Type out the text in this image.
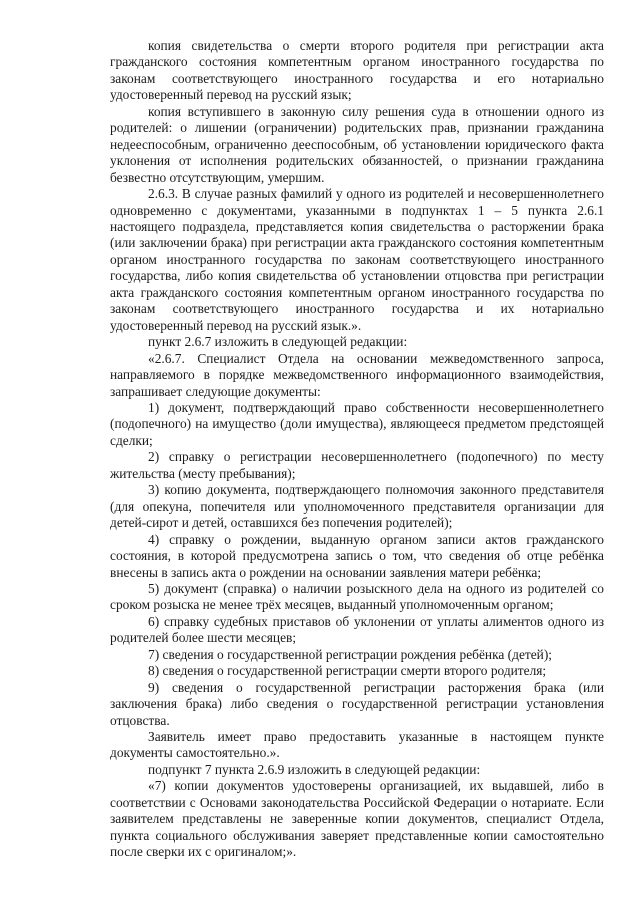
копия свидетельства о смерти второго родителя при регистрации акта гражданского состояния компетентным органом иностранного государства по законам соответствующего иностранного государства и его нотариально удостоверенный перевод на русский язык;

копия вступившего в законную силу решения суда в отношении одного из родителей: о лишении (ограничении) родительских прав, признании гражданина недееспособным, ограниченно дееспособным, об установлении юридического факта уклонения от исполнения родительских обязанностей, о признании гражданина безвестно отсутствующим, умершим.

2.6.3. В случае разных фамилий у одного из родителей и несовершеннолетнего одновременно с документами, указанными в подпунктах 1 – 5 пункта 2.6.1 настоящего подраздела, представляется копия свидетельства о расторжении брака (или заключении брака) при регистрации акта гражданского состояния компетентным органом иностранного государства по законам соответствующего иностранного государства, либо копия свидетельства об установлении отцовства при регистрации акта гражданского состояния компетентным органом иностранного государства по законам соответствующего иностранного государства и их нотариально удостоверенный перевод на русский язык.».

пункт 2.6.7 изложить в следующей редакции:

«2.6.7. Специалист Отдела на основании межведомственного запроса, направляемого в порядке межведомственного информационного взаимодействия, запрашивает следующие документы:

1) документ, подтверждающий право собственности несовершеннолетнего (подопечного) на имущество (доли имущества), являющееся предметом предстоящей сделки;

2) справку о регистрации несовершеннолетнего (подопечного) по месту жительства (месту пребывания);

3) копию документа, подтверждающего полномочия законного представителя (для опекуна, попечителя или уполномоченного представителя организации для детей-сирот и детей, оставшихся без попечения родителей);

4) справку о рождении, выданную органом записи актов гражданского состояния, в которой предусмотрена запись о том, что сведения об отце ребёнка внесены в запись акта о рождении на основании заявления матери ребёнка;

5) документ (справка) о наличии розыскного дела на одного из родителей со сроком розыска не менее трёх месяцев, выданный уполномоченным органом;

6) справку судебных приставов об уклонении от уплаты алиментов одного из родителей более шести месяцев;

7) сведения о государственной регистрации рождения ребёнка (детей);

8) сведения о государственной регистрации смерти второго родителя;

9) сведения о государственной регистрации расторжения брака (или заключения брака) либо сведения о государственной регистрации установления отцовства.

Заявитель имеет право предоставить указанные в настоящем пункте документы самостоятельно.».

подпункт 7 пункта 2.6.9 изложить в следующей редакции:

«7) копии документов удостоверены организацией, их выдавшей, либо в соответствии с Основами законодательства Российской Федерации о нотариате. Если заявителем представлены не заверенные копии документов, специалист Отдела, пункта социального обслуживания заверяет представленные копии самостоятельно после сверки их с оригиналом;».
